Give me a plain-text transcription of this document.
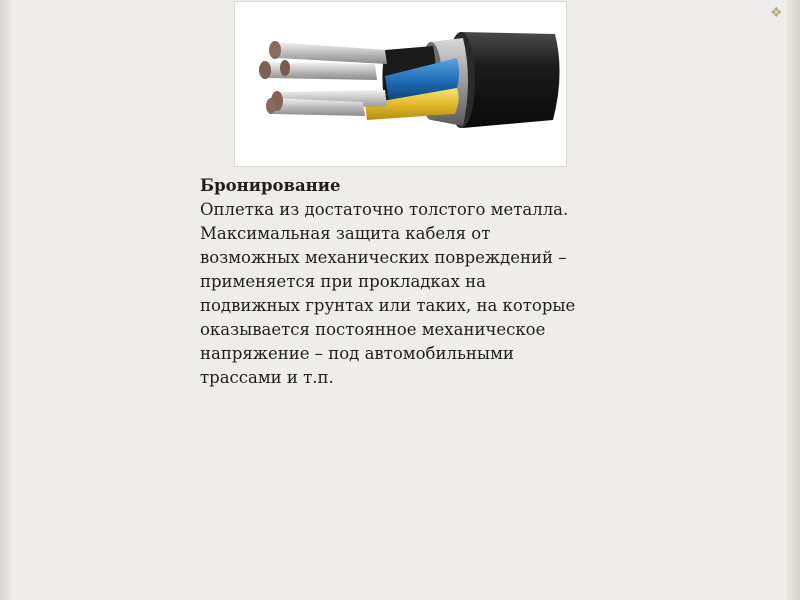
❖
Бронирование
Оплетка из достаточно толстого металла.
Максимальная защита кабеля от
возможных механических повреждений –
применяется при прокладках на
подвижных грунтах или таких, на которые
оказывается постоянное механическое
напряжение – под автомобильными
трассами и т.п.
